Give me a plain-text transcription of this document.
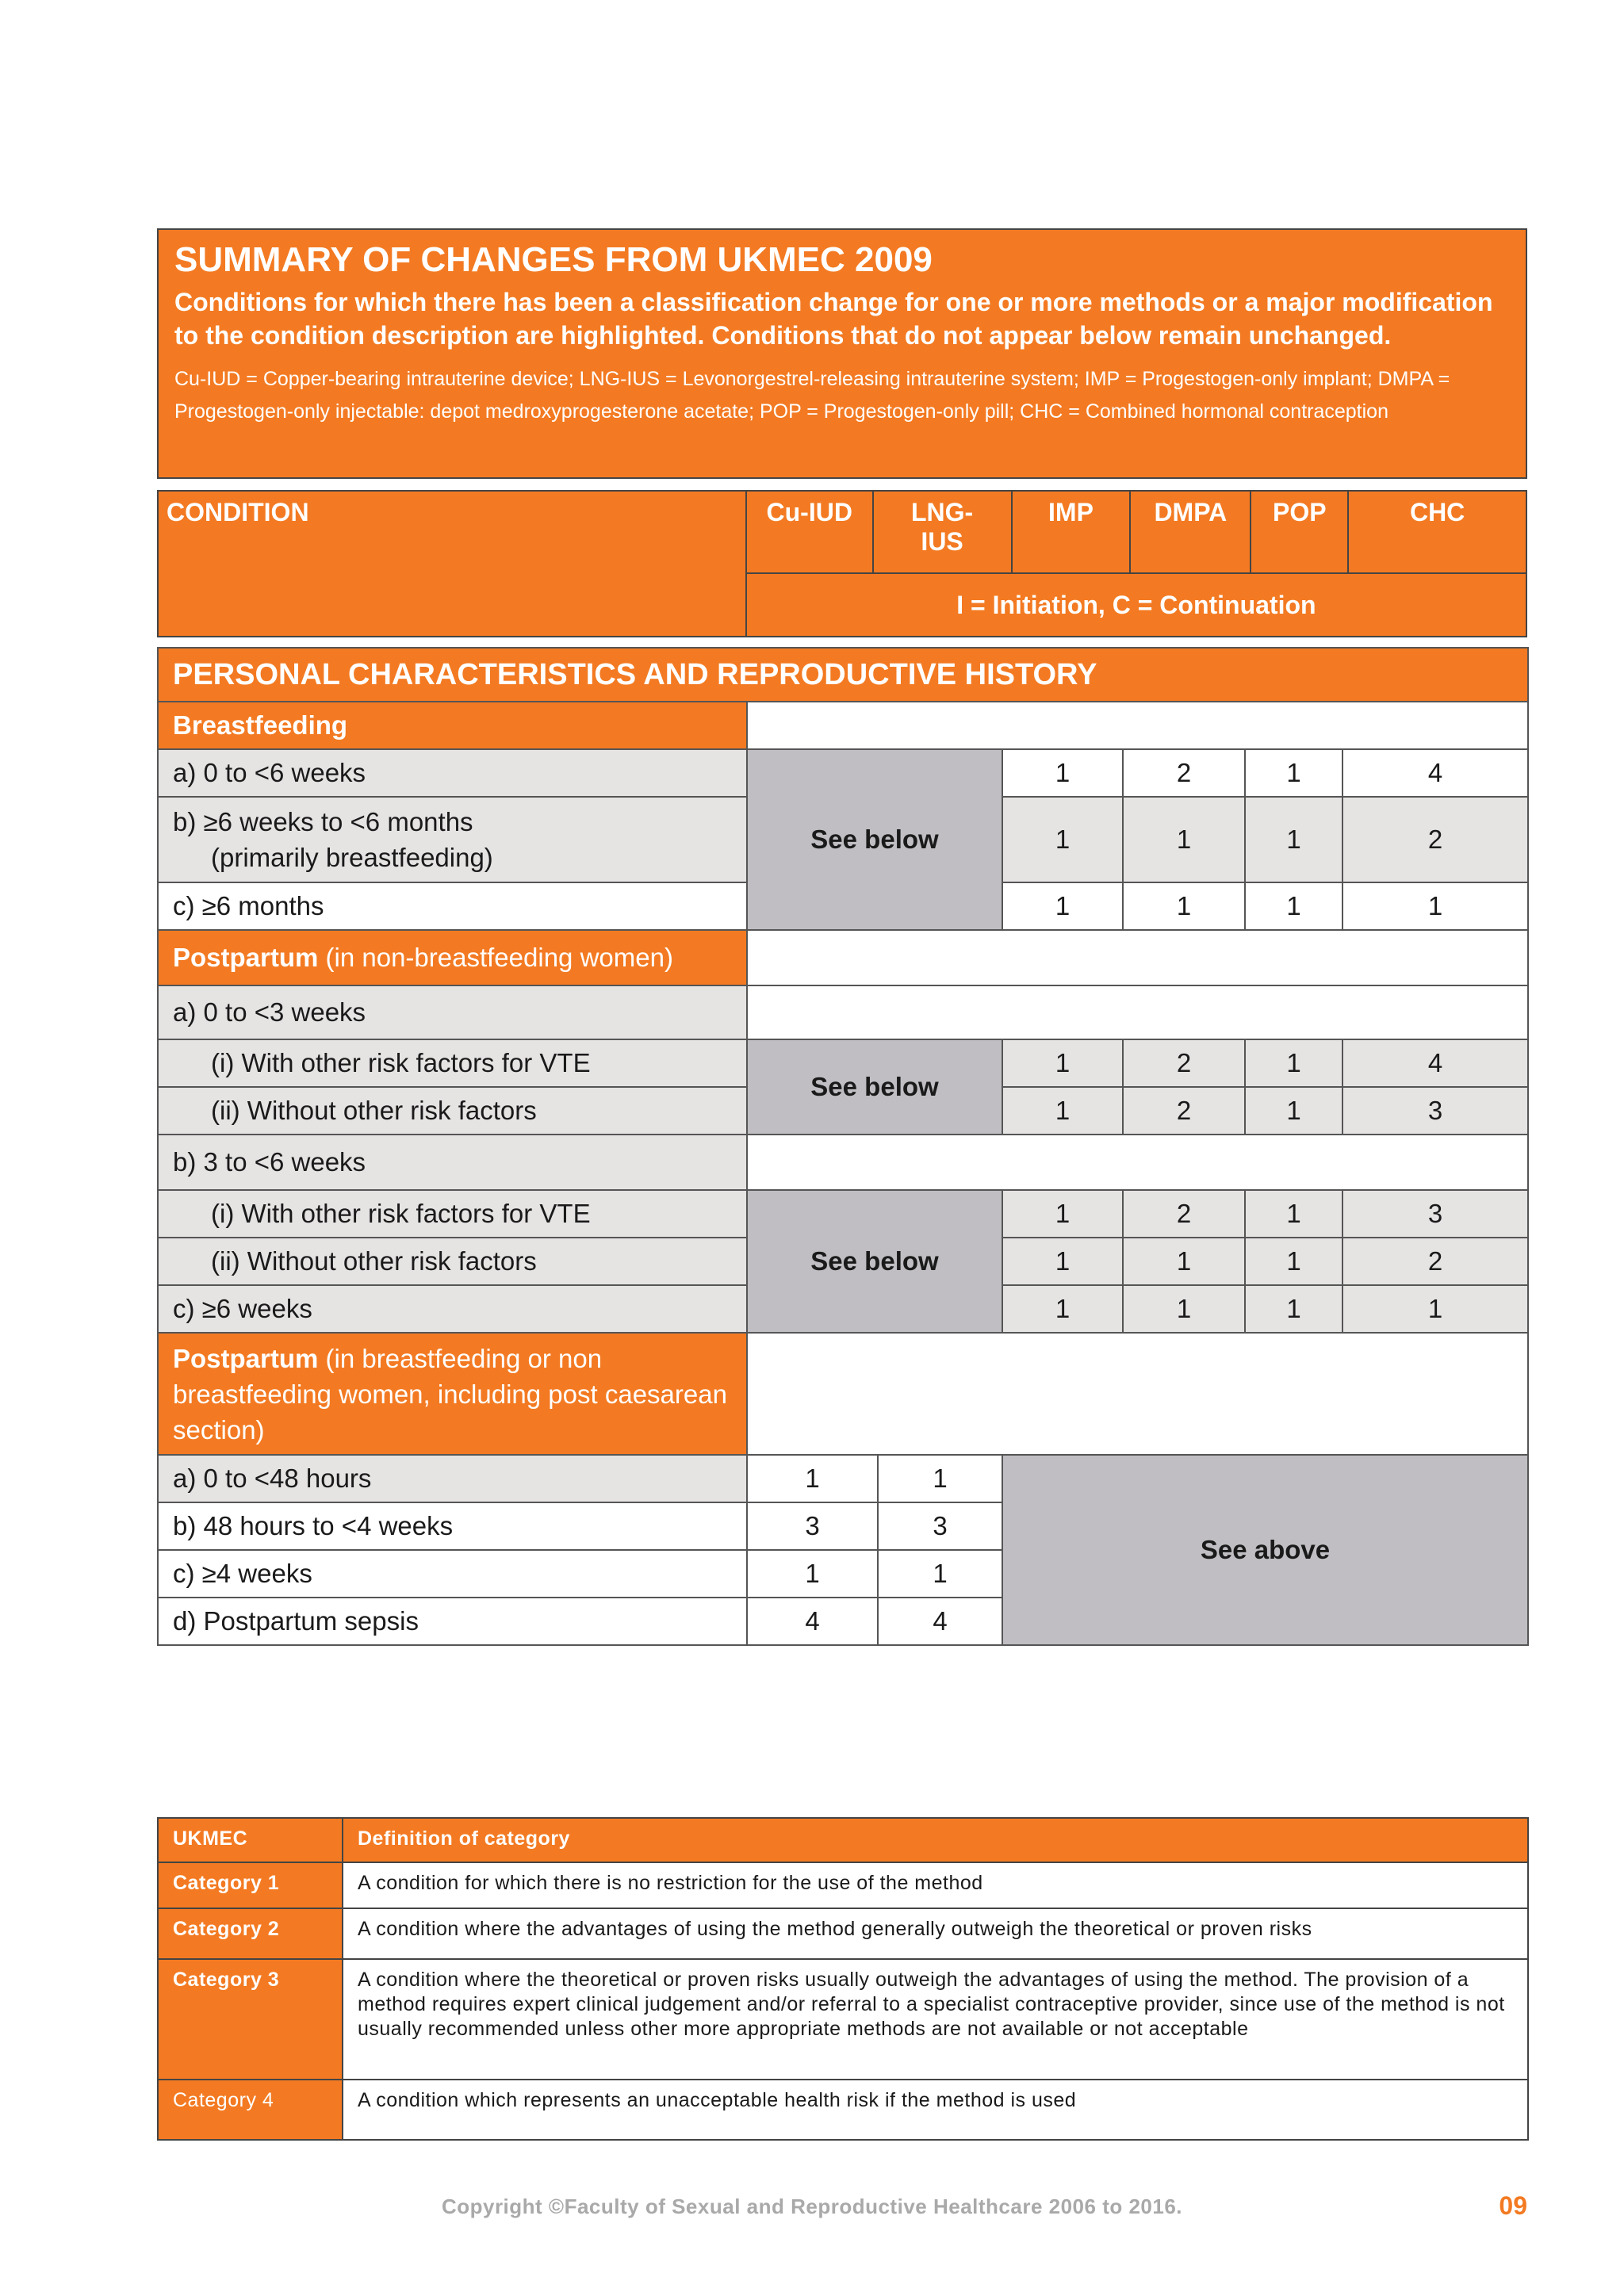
SUMMARY OF CHANGES FROM UKMEC 2009
Conditions for which there has been a classification change for one or more methods or a major modification to the condition description are highlighted. Conditions that do not appear below remain unchanged.
Cu-IUD = Copper-bearing intrauterine device; LNG-IUS = Levonorgestrel-releasing intrauterine system; IMP = Progestogen-only implant; DMPA = Progestogen-only injectable: depot medroxyprogesterone acetate; POP = Progestogen-only pill; CHC = Combined hormonal contraception
CONDITION	Cu-IUD	LNG-IUS	IMP	DMPA	POP	CHC
I = Initiation, C = Continuation
PERSONAL CHARACTERISTICS AND REPRODUCTIVE HISTORY						
Breastfeeding						
a) 0 to <6 weeks	See below		1	2	1	4

b) ≥6 weeks to <6 months
(primarily breastfeeding)			1	1	1	2
c) ≥6 months			1	1	1	1
Postpartum (in non-breastfeeding women)						
a) 0 to <3 weeks						
(i) With other risk factors for VTE	See below		1	2	1	4
(ii) Without other risk factors			1	2	1	3
b) 3 to <6 weeks						
(i) With other risk factors for VTE	See below		1	2	1	3
(ii) Without other risk factors			1	1	1	2
c) ≥6 weeks			1	1	1	1
Postpartum (in breastfeeding or non breastfeeding women, including post caesarean section)						
a) 0 to <48 hours	1	1	See above			
b) 48 hours to <4 weeks	3	3				
c) ≥4 weeks	1	1				
d) Postpartum sepsis	4	4				
UKMEC	Definition of category
Category 1	A condition for which there is no restriction for the use of the method
Category 2	A condition where the advantages of using the method generally outweigh the theoretical or proven risks
Category 3	A condition where the theoretical or proven risks usually outweigh the advantages of using the method. The provision of a method requires expert clinical judgement and/or referral to a specialist contraceptive provider, since use of the method is not usually recommended unless other more appropriate methods are not available or not acceptable
Category 4	A condition which represents an unacceptable health risk if the method is used
Copyright ©Faculty of Sexual and Reproductive Healthcare 2006 to 2016.	09
